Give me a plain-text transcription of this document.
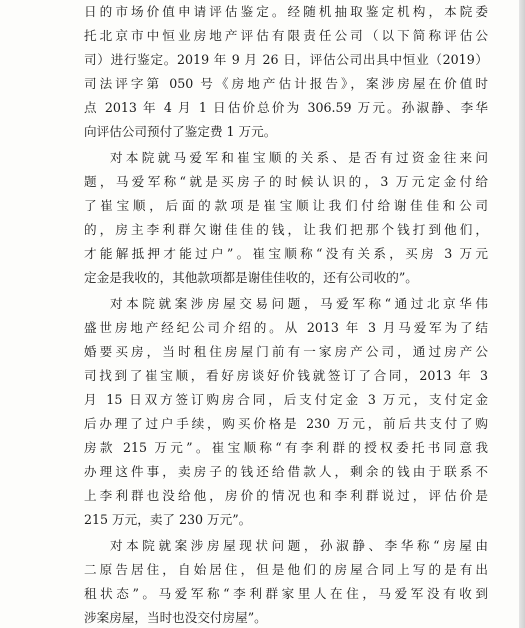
日的市场价值申请评估鉴定。经随机抽取鉴定机构，本院委
托北京市中恒业房地产评估有限责任公司（以下简称评估公
司）进行鉴定。2019 年 9 月 26 日，评估公司出具中恒业（2019）
司法评字第 050 号《房地产估计报告》，案涉房屋在价值时
点 2013 年 4 月 1 日估价总价为 306.59 万元。孙淑静、李华
向评估公司预付了鉴定费 1 万元。
对本院就马爱军和崔宝顺的关系、是否有过资金往来问
题，马爱军称“就是买房子的时候认识的，3 万元定金付给
了崔宝顺，后面的款项是崔宝顺让我们付给谢佳佳和公司
的，房主李利群欠谢佳佳的钱，让我们把那个钱打到他们，
才能解抵押才能过户”。崔宝顺称“没有关系，买房 3 万元
定金是我收的，其他款项都是谢佳佳收的，还有公司收的”。
对本院就案涉房屋交易问题，马爱军称“通过北京华伟
盛世房地产经纪公司介绍的。从 2013 年 3 月马爱军为了结
婚要买房，当时租住房屋门前有一家房产公司，通过房产公
司找到了崔宝顺，看好房谈好价钱就签订了合同，2013 年 3
月 15 日双方签订购房合同，后支付定金 3 万元，支付定金
后办理了过户手续，购买价格是 230 万元，前后共支付了购
房款 215 万元”。崔宝顺称“有李利群的授权委托书同意我
办理这件事，卖房子的钱还给借款人，剩余的钱由于联系不
上李利群也没给他，房价的情况也和李利群说过，评估价是
215 万元，卖了 230 万元”。
对本院就案涉房屋现状问题，孙淑静、李华称“房屋由
二原告居住，自始居住，但是他们的房屋合同上写的是有出
租状态”。马爱军称“李利群家里人在住，马爱军没有收到
涉案房屋，当时也没交付房屋”。
